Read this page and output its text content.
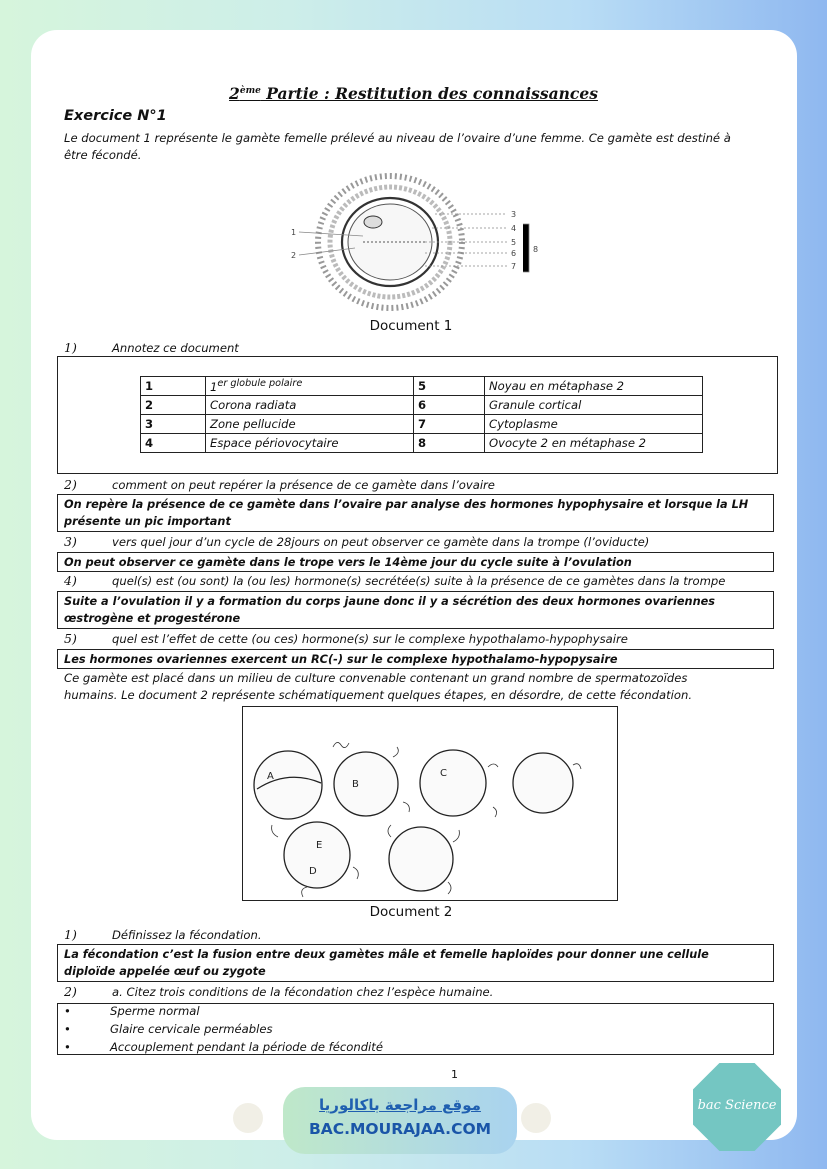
2ème Partie : Restitution des connaissances
Exercice N°1
Le document 1 représente le gamète femelle prélevé au niveau de l’ovaire d’une femme. Ce gamète est destiné à
être fécondé.
1
2
3
4
5
6
7
8
Document 1
1)	Annotez ce document
1	$1^{er globule polaire}$	5	Noyau en métaphase 2
2	Corona radiata	6	Granule cortical
3	Zone pellucide	7	Cytoplasme
4	Espace périovocytaire	8	Ovocyte 2 en métaphase 2
2)	comment on peut repérer la présence de ce gamète dans l’ovaire
On repère la présence de ce gamète dans l’ovaire par analyse des hormones hypophysaire et lorsque la LH
présente un pic important
3)	vers quel jour d’un cycle de 28jours on peut observer ce gamète dans la trompe (l’oviducte)
On peut observer ce gamète dans le trope vers le 14ème jour du cycle suite à l’ovulation
4)	quel(s) est (ou sont) la (ou les) hormone(s) secrétée(s) suite à la présence de ce gamètes dans la trompe
Suite a l’ovulation il y a formation du corps jaune donc il y a sécrétion des deux hormones ovariennes
œstrogène et progestérone
5)	quel est l’effet de cette (ou ces) hormone(s) sur le complexe hypothalamo-hypophysaire
Les hormones ovariennes exercent un RC(-) sur le complexe hypothalamo-hypopysaire
Ce gamète est placé dans un milieu de culture convenable contenant un grand nombre de spermatozoïdes
humains. Le document 2 représente schématiquement quelques étapes, en désordre, de cette fécondation.
A
B
C
D
E
Document 2
1)	Définissez la fécondation.
La fécondation c’est la fusion entre deux gamètes mâle et femelle haploïdes pour donner une cellule
diploïde appelée œuf ou zygote
2)	a. Citez trois conditions de la fécondation chez l’espèce humaine.
•	Sperme normal
•	Glaire cervicale perméables
•	Accouplement pendant la période de fécondité
1
موقع مراجعة باكالوريا
BAC.MOURAJAA.COM
bac Science
